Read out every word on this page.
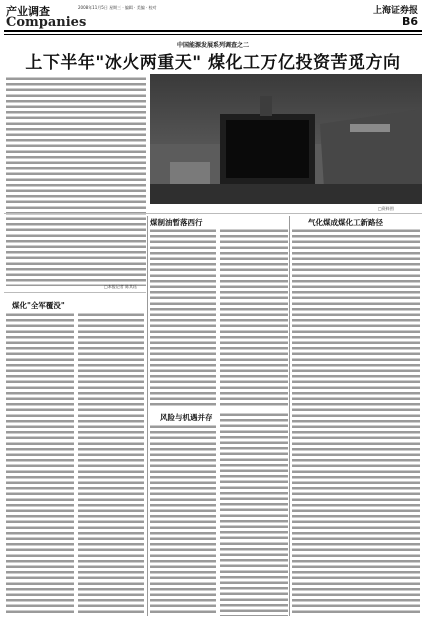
产业调查
Companies
2008年11月5日 星期三 · 编辑 · 美编 · 校对	上海证券报
B6
中国能源发展系列调查之二
上下半年"冰火两重天" 煤化工万亿投资苦觅方向
□本报记者 陈其珏
□资料图
煤制油暂落西行	气化煤成煤化工新路径
煤化"全军覆没"
风险与机遇并存
